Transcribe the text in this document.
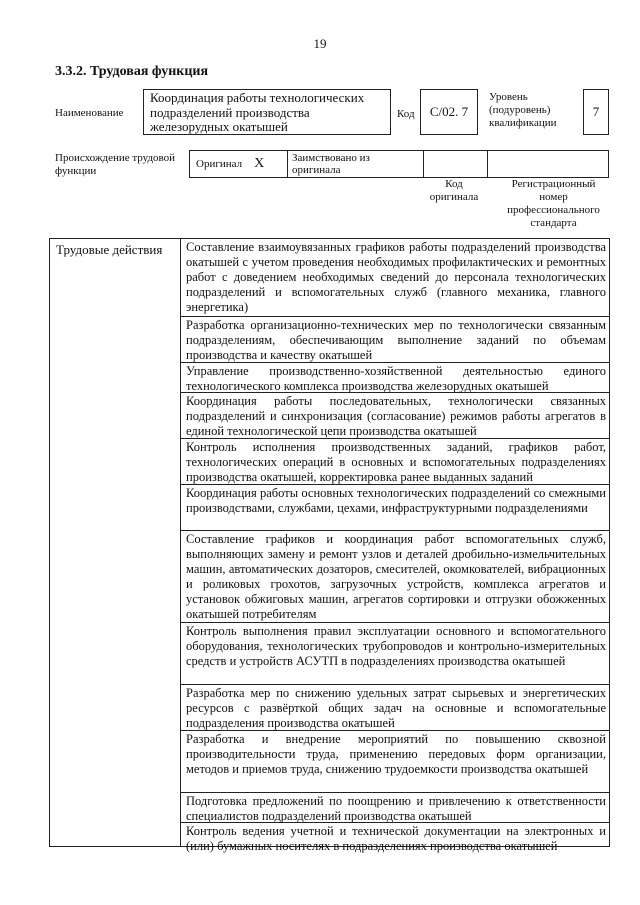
19
3.3.2. Трудовая функция
Наименование
Координация работы технологических подразделений производства железорудных окатышей
Код	C/02. 7
Уровень (подуровень) квалификации
7
Происхождение трудовой функции
Оригинал X	Заимствовано из оригинала
Код оригинала
Регистрационный номер профессионального стандарта
Трудовые действия	Составление взаимоувязанных графиков работы подразделений производства окатышей с учетом проведения необходимых профилактических и ремонтных работ с доведением необходимых сведений до персонала технологических подразделений и вспомогательных служб (главного механика, главного энергетика)
Разработка организационно-технических мер по технологически связанным подразделениям, обеспечивающим выполнение заданий по объемам производства и качеству окатышей
Управление производственно-хозяйственной деятельностью единого технологического комплекса производства железорудных окатышей
Координация работы последовательных, технологически связанных подразделений и синхронизация (согласование) режимов работы агрегатов в единой технологической цепи производства окатышей
Контроль исполнения производственных заданий, графиков работ, технологических операций в основных и вспомогательных подразделениях производства окатышей, корректировка ранее выданных заданий
Координация работы основных технологических подразделений со смежными производствами, службами, цехами, инфраструктурными подразделениями
Составление графиков и координация работ вспомогательных служб, выполняющих замену и ремонт узлов и деталей дробильно-измельчительных машин, автоматических дозаторов, смесителей, окомкователей, вибрационных и роликовых грохотов, загрузочных устройств, комплекса агрегатов и установок обжиговых машин, агрегатов сортировки и отгрузки обожженных окатышей потребителям
Контроль выполнения правил эксплуатации основного и вспомогательного оборудования, технологических трубопроводов и контрольно-измерительных средств и устройств АСУТП в подразделениях производства окатышей
Разработка мер по снижению удельных затрат сырьевых и энергетических ресурсов с развёрткой общих задач на основные и вспомогательные подразделения производства окатышей
Разработка и внедрение мероприятий по повышению сквозной производительности труда, применению передовых форм организации, методов и приемов труда, снижению трудоемкости производства окатышей
Подготовка предложений по поощрению и привлечению к ответственности специалистов подразделений производства окатышей
Контроль ведения учетной и технической документации на электронных и (или) бумажных носителях в подразделениях производства окатышей
